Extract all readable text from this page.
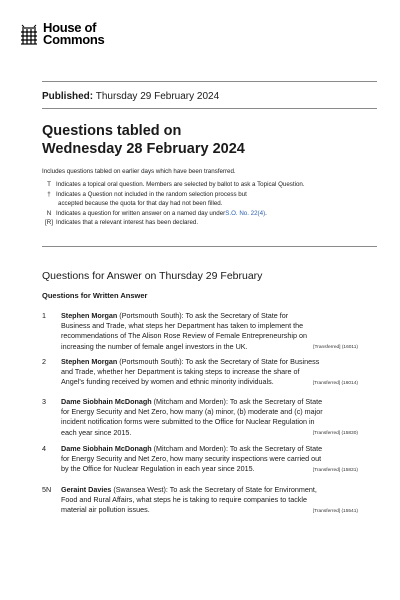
House of
Commons
Published: Thursday 29 February 2024
Questions tabled on
Wednesday 28 February 2024
Includes questions tabled on earlier days which have been transferred.
T Indicates a topical oral question. Members are selected by ballot to ask a Topical Question.
† Indicates a Question not included in the random selection process but
accepted because the quota for that day had not been filled.
N Indicates a question for written answer on a named day under S.O. No. 22(4) .
[R] Indicates that a relevant interest has been declared.
Questions for Answer on Thursday 29 February
Questions for Written Answer
1	Stephen Morgan (Portsmouth South): To ask the Secretary of State for
Business and Trade, what steps her Department has taken to implement the
recommendations of The Alison Rose Review of Female Entrepreneurship on
increasing the number of female angel investors in the UK.	[Transferred] (16011)
2	Stephen Morgan (Portsmouth South): To ask the Secretary of State for Business
and Trade, whether her Department is taking steps to increase the share of
Angel's funding received by women and ethnic minority individuals.	[Transferred] (16014)
3	Dame Siobhain McDonagh (Mitcham and Morden): To ask the Secretary of State
for Energy Security and Net Zero, how many (a) minor, (b) moderate and (c) major
incident notification forms were submitted to the Office for Nuclear Regulation in
each year since 2015.	[Transferred] (15830)
4	Dame Siobhain McDonagh (Mitcham and Morden): To ask the Secretary of State
for Energy Security and Net Zero, how many security inspections were carried out
by the Office for Nuclear Regulation in each year since 2015.	[Transferred] (15831)
5N	Geraint Davies (Swansea West): To ask the Secretary of State for Environment,
Food and Rural Affairs, what steps he is taking to require companies to tackle
material air pollution issues.	[Transferred] (15541)
